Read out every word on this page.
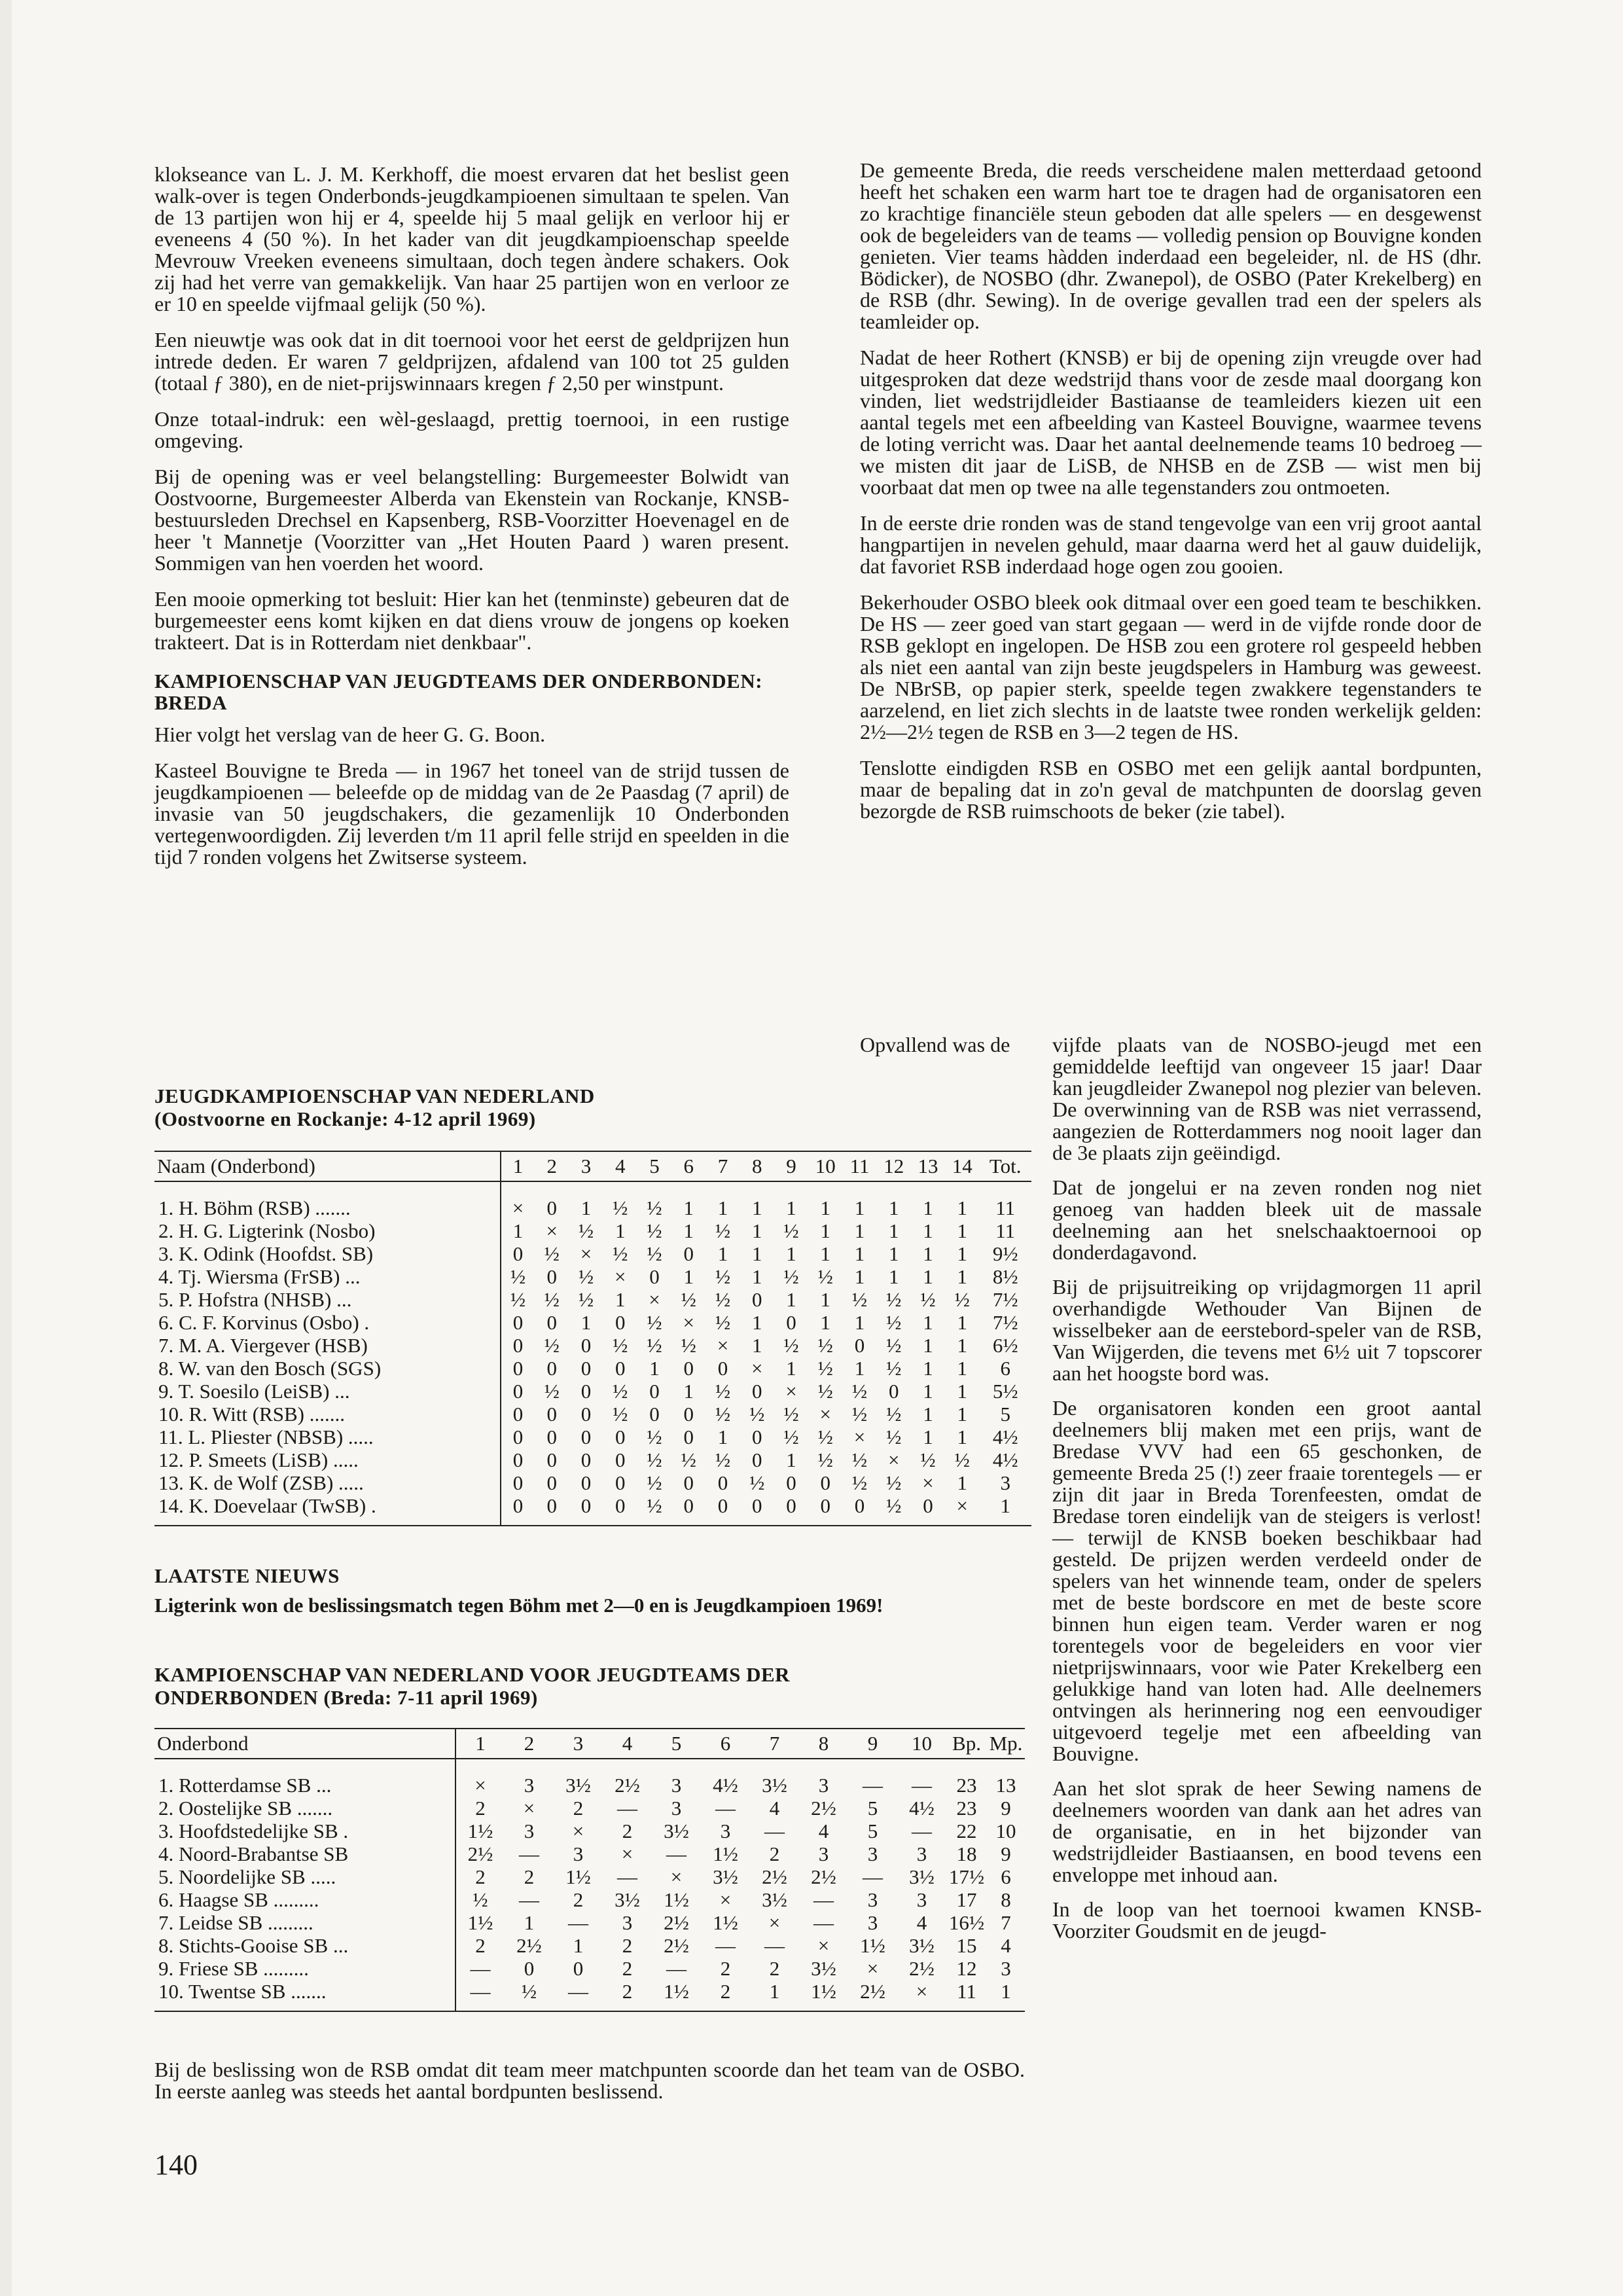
klokseance van L. J. M. Kerkhoff, die moest ervaren dat het beslist geen walk-over is tegen Onderbonds-jeugdkampioenen simultaan te spelen. Van de 13 partijen won hij er 4, speelde hij 5 maal gelijk en verloor hij er eveneens 4 (50 %). In het kader van dit jeugdkampioenschap speelde Mevrouw Vreeken eveneens simultaan, doch tegen àndere schakers. Ook zij had het verre van gemakkelijk. Van haar 25 partijen won en verloor ze er 10 en speelde vijfmaal gelijk (50 %).

Een nieuwtje was ook dat in dit toernooi voor het eerst de geldprijzen hun intrede deden. Er waren 7 geldprijzen, afdalend van 100 tot 25 gulden (totaal ƒ 380), en de niet-prijswinnaars kregen ƒ 2,50 per winstpunt.

Onze totaal-indruk: een wèl-geslaagd, prettig toernooi, in een rustige omgeving.

Bij de opening was er veel belangstelling: Burgemeester Bolwidt van Oostvoorne, Burgemeester Alberda van Ekenstein van Rockanje, KNSB-bestuursleden Drechsel en Kapsenberg, RSB-Voorzitter Hoevenagel en de heer 't Mannetje (Voorzitter van „Het Houten Paard ) waren present. Sommigen van hen voerden het woord.

Een mooie opmerking tot besluit: Hier kan het (tenminste) gebeuren dat de burgemeester eens komt kijken en dat diens vrouw de jongens op koeken trakteert. Dat is in Rotterdam niet denkbaar".

KAMPIOENSCHAP VAN JEUGDTEAMS DER ONDERBONDEN: BREDA

Hier volgt het verslag van de heer G. G. Boon.

Kasteel Bouvigne te Breda — in 1967 het toneel van de strijd tussen de jeugdkampioenen — beleefde op de middag van de 2e Paasdag (7 april) de invasie van 50 jeugdschakers, die gezamenlijk 10 Onderbonden vertegenwoordigden. Zij leverden t/m 11 april felle strijd en speelden in die tijd 7 ronden volgens het Zwitserse systeem.

JEUGDKAMPIOENSCHAP VAN NEDERLAND
(Oostvoorne en Rockanje: 4-12 april 1969)
Naam (Onderbond)	1	2	3	4	5	6	7	8	9	10	11	12	13	14	Tot.
1. H. Böhm (RSB) .......	×	0	1	½	½	1	1	1	1	1	1	1	1	1	11
2. H. G. Ligterink (Nosbo)	1	×	½	1	½	1	½	1	½	1	1	1	1	1	11
3. K. Odink (Hoofdst. SB)	0	½	×	½	½	0	1	1	1	1	1	1	1	1	9½
4. Tj. Wiersma (FrSB) ...	½	0	½	×	0	1	½	1	½	½	1	1	1	1	8½
5. P. Hofstra (NHSB) ...	½	½	½	1	×	½	½	0	1	1	½	½	½	½	7½
6. C. F. Korvinus (Osbo) .	0	0	1	0	½	×	½	1	0	1	1	½	1	1	7½
7. M. A. Viergever (HSB)	0	½	0	½	½	½	×	1	½	½	0	½	1	1	6½
8. W. van den Bosch (SGS)	0	0	0	0	1	0	0	×	1	½	1	½	1	1	6
9. T. Soesilo (LeiSB) ...	0	½	0	½	0	1	½	0	×	½	½	0	1	1	5½
10. R. Witt (RSB) .......	0	0	0	½	0	0	½	½	½	×	½	½	1	1	5
11. L. Pliester (NBSB) .....	0	0	0	0	½	0	1	0	½	½	×	½	1	1	4½
12. P. Smeets (LiSB) .....	0	0	0	0	½	½	½	0	1	½	½	×	½	½	4½
13. K. de Wolf (ZSB) .....	0	0	0	0	½	0	0	½	0	0	½	½	×	1	3
14. K. Doevelaar (TwSB) .	0	0	0	0	½	0	0	0	0	0	0	½	0	×	1
LAATSTE NIEUWS
Ligterink won de beslissingsmatch tegen Böhm met 2—0 en is Jeugdkampioen 1969!
KAMPIOENSCHAP VAN NEDERLAND VOOR JEUGDTEAMS DER
ONDERBONDEN (Breda: 7-11 april 1969)
Onderbond	1	2	3	4	5	6	7	8	9	10	Bp.	Mp.
1. Rotterdamse SB ...	×	3	3½	2½	3	4½	3½	3	—	—	23	13
2. Oostelijke SB .......	2	×	2	—	3	—	4	2½	5	4½	23	9
3. Hoofdstedelijke SB .	1½	3	×	2	3½	3	—	4	5	—	22	10
4. Noord-Brabantse SB	2½	—	3	×	—	1½	2	3	3	3	18	9
5. Noordelijke SB .....	2	2	1½	—	×	3½	2½	2½	—	3½	17½	6
6. Haagse SB .........	½	—	2	3½	1½	×	3½	—	3	3	17	8
7. Leidse SB .........	1½	1	—	3	2½	1½	×	—	3	4	16½	7
8. Stichts-Gooise SB ...	2	2½	1	2	2½	—	—	×	1½	3½	15	4
9. Friese SB .........	—	0	0	2	—	2	2	3½	×	2½	12	3
10. Twentse SB .......	—	½	—	2	1½	2	1	1½	2½	×	11	1

Bij de beslissing won de RSB omdat dit team meer matchpunten scoorde dan het team van de OSBO. In eerste aanleg was steeds het aantal bordpunten beslissend.

De gemeente Breda, die reeds verscheidene malen metterdaad getoond heeft het schaken een warm hart toe te dragen had de organisatoren een zo krachtige financiële steun geboden dat alle spelers — en desgewenst ook de begeleiders van de teams — volledig pension op Bouvigne konden genieten. Vier teams hàdden inderdaad een begeleider, nl. de HS (dhr. Bödicker), de NOSBO (dhr. Zwanepol), de OSBO (Pater Krekelberg) en de RSB (dhr. Sewing). In de overige gevallen trad een der spelers als teamleider op.

Nadat de heer Rothert (KNSB) er bij de opening zijn vreugde over had uitgesproken dat deze wedstrijd thans voor de zesde maal doorgang kon vinden, liet wedstrijdleider Bastiaanse de teamleiders kiezen uit een aantal tegels met een afbeelding van Kasteel Bouvigne, waarmee tevens de loting verricht was. Daar het aantal deelnemende teams 10 bedroeg — we misten dit jaar de LiSB, de NHSB en de ZSB — wist men bij voorbaat dat men op twee na alle tegenstanders zou ontmoeten.

In de eerste drie ronden was de stand tengevolge van een vrij groot aantal hangpartijen in nevelen gehuld, maar daarna werd het al gauw duidelijk, dat favoriet RSB inderdaad hoge ogen zou gooien.

Bekerhouder OSBO bleek ook ditmaal over een goed team te beschikken. De HS — zeer goed van start gegaan — werd in de vijfde ronde door de RSB geklopt en ingelopen. De HSB zou een grotere rol gespeeld hebben als niet een aantal van zijn beste jeugdspelers in Hamburg was geweest. De NBrSB, op papier sterk, speelde tegen zwakkere tegenstanders te aarzelend, en liet zich slechts in de laatste twee ronden werkelijk gelden: 2½—2½ tegen de RSB en 3—2 tegen de HS.

Tenslotte eindigden RSB en OSBO met een gelijk aantal bordpunten, maar de bepaling dat in zo'n geval de matchpunten de doorslag geven bezorgde de RSB ruimschoots de beker (zie tabel).

Opvallend was de	vijfde plaats van de NOSBO-jeugd met een gemiddelde leeftijd van ongeveer 15 jaar! Daar kan jeugdleider Zwanepol nog plezier van beleven. De overwinning van de RSB was niet verrassend, aangezien de Rotterdammers nog nooit lager dan de 3e plaats zijn geëindigd.

Dat de jongelui er na zeven ronden nog niet genoeg van hadden bleek uit de massale deelneming aan het snelschaaktoernooi op donderdagavond.

Bij de prijsuitreiking op vrijdagmorgen 11 april overhandigde Wethouder Van Bijnen de wisselbeker aan de eerstebord-speler van de RSB, Van Wijgerden, die tevens met 6½ uit 7 topscorer aan het hoogste bord was.

De organisatoren konden een groot aantal deelnemers blij maken met een prijs, want de Bredase VVV had een 65 geschonken, de gemeente Breda 25 (!) zeer fraaie torentegels — er zijn dit jaar in Breda Torenfeesten, omdat de Bredase toren eindelijk van de steigers is verlost! — terwijl de KNSB boeken beschikbaar had gesteld. De prijzen werden verdeeld onder de spelers van het winnende team, onder de spelers met de beste bordscore en met de beste score binnen hun eigen team. Verder waren er nog torentegels voor de begeleiders en voor vier nietprijswinnaars, voor wie Pater Krekelberg een gelukkige hand van loten had. Alle deelnemers ontvingen als herinnering nog een eenvoudiger uitgevoerd tegelje met een afbeelding van Bouvigne.

Aan het slot sprak de heer Sewing namens de deelnemers woorden van dank aan het adres van de organisatie, en in het bijzonder van wedstrijdleider Bastiaansen, en bood tevens een enveloppe met inhoud aan.

In de loop van het toernooi kwamen KNSB-Voorziter Goudsmit en de jeugd-

140
